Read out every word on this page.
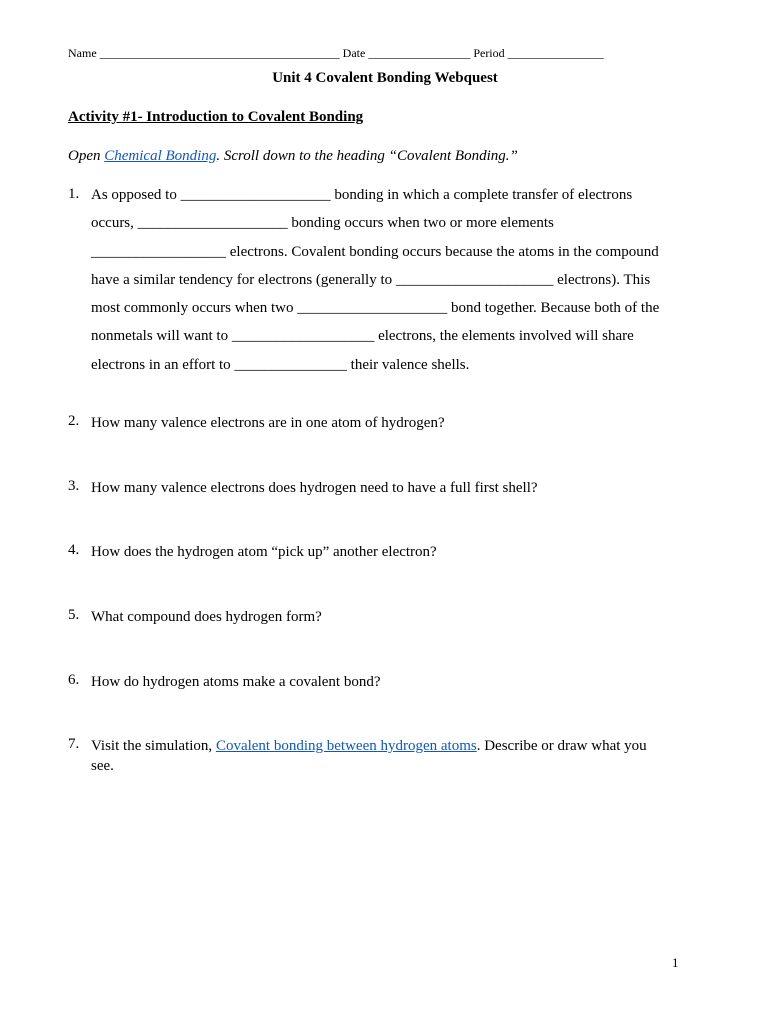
Name ________________________________________ Date _________________ Period ________________
Unit 4 Covalent Bonding Webquest
Activity #1- Introduction to Covalent Bonding
Open Chemical Bonding. Scroll down to the heading “Covalent Bonding.”
1. As opposed to ____________________ bonding in which a complete transfer of electrons
occurs, ____________________ bonding occurs when two or more elements
__________________ electrons. Covalent bonding occurs because the atoms in the compound
have a similar tendency for electrons (generally to _____________________ electrons). This
most commonly occurs when two ____________________ bond together. Because both of the
nonmetals will want to ___________________ electrons, the elements involved will share
electrons in an effort to _______________ their valence shells.
2. How many valence electrons are in one atom of hydrogen?
3. How many valence electrons does hydrogen need to have a full first shell?
4. How does the hydrogen atom “pick up” another electron?
5. What compound does hydrogen form?
6. How do hydrogen atoms make a covalent bond?
7. Visit the simulation, Covalent bonding between hydrogen atoms. Describe or draw what you see.
1
